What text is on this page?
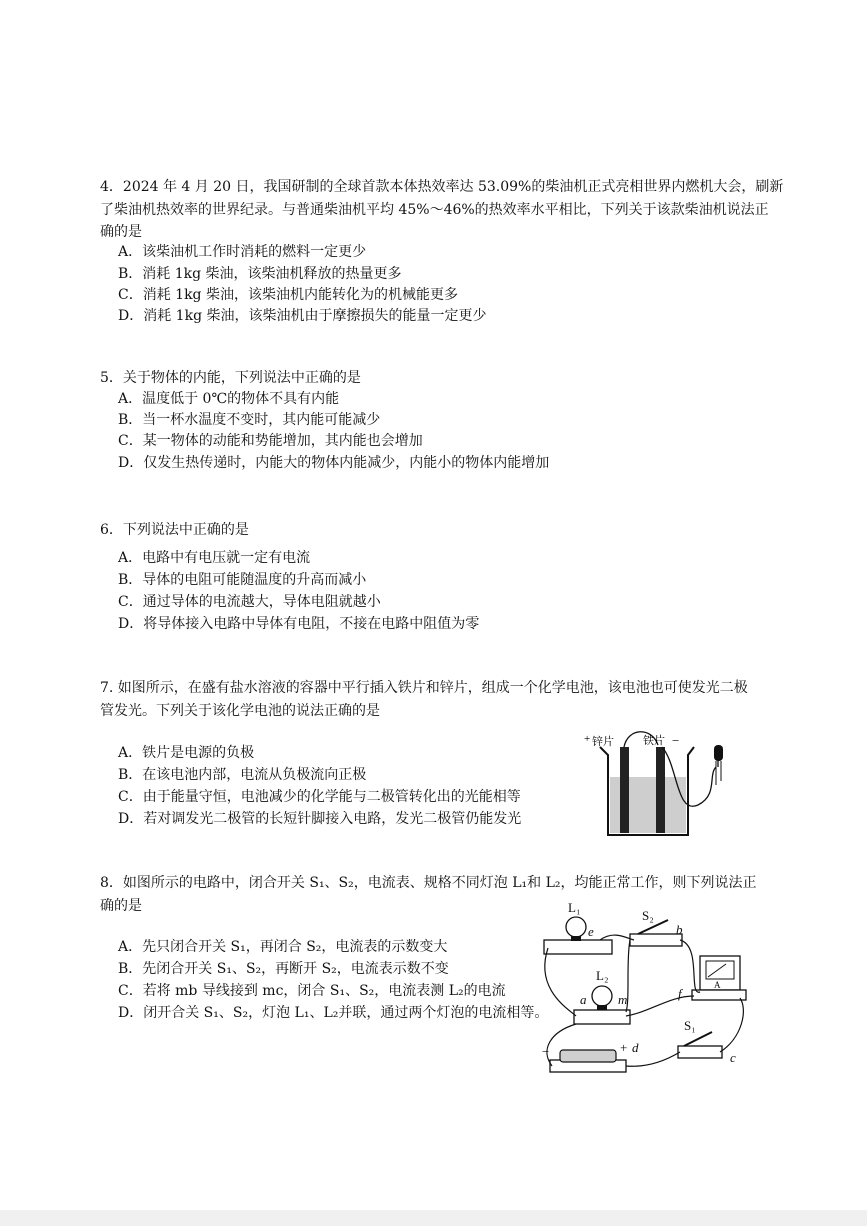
4．2024 年 4 月 20 日，我国研制的全球首款本体热效率达 53.09%的柴油机正式亮相世界内燃机大会，刷新
了柴油机热效率的世界纪录。与普通柴油机平均 45%～46%的热效率水平相比，下列关于该款柴油机说法正
确的是
A．该柴油机工作时消耗的燃料一定更少
B．消耗 1kg 柴油，该柴油机释放的热量更多
C．消耗 1kg 柴油，该柴油机内能转化为的机械能更多
D．消耗 1kg 柴油，该柴油机由于摩擦损失的能量一定更少
5．关于物体的内能，下列说法中正确的是
A．温度低于 0℃的物体不具有内能
B．当一杯水温度不变时，其内能可能减少
C．某一物体的动能和势能增加，其内能也会增加
D．仅发生热传递时，内能大的物体内能减少，内能小的物体内能增加
6．下列说法中正确的是
A．电路中有电压就一定有电流
B．导体的电阻可能随温度的升高而减小
C．通过导体的电流越大，导体电阻就越小
D．将导体接入电路中导体有电阻，不接在电路中阻值为零
7. 如图所示，在盛有盐水溶液的容器中平行插入铁片和锌片，组成一个化学电池，该电池也可使发光二极
管发光。下列关于该化学电池的说法正确的是
A．铁片是电源的负极
B．在该电池内部，电流从负极流向正极
C．由于能量守恒，电池减少的化学能与二极管转化出的光能相等
D．若对调发光二极管的长短针脚接入电路，发光二极管仍能发光
+ 锌片	铁片 −
8．如图所示的电路中，闭合开关 S₁、S₂，电流表、规格不同灯泡 L₁和 L₂，均能正常工作，则下列说法正
确的是
A．先只闭合开关 S₁，再闭合 S₂，电流表的示数变大
B．先闭合开关 S₁、S₂，再断开 S₂，电流表示数不变
C．若将 mb 导线接到 mc，闭合 S₁、S₂，电流表测 L₂的电流
D．闭开合关 S₁、S₂，灯泡 L₁、L₂并联，通过两个灯泡的电流相等。
L₁
e
S₂
b
A
f
L₂
a m
−	+ d
S₁
c
